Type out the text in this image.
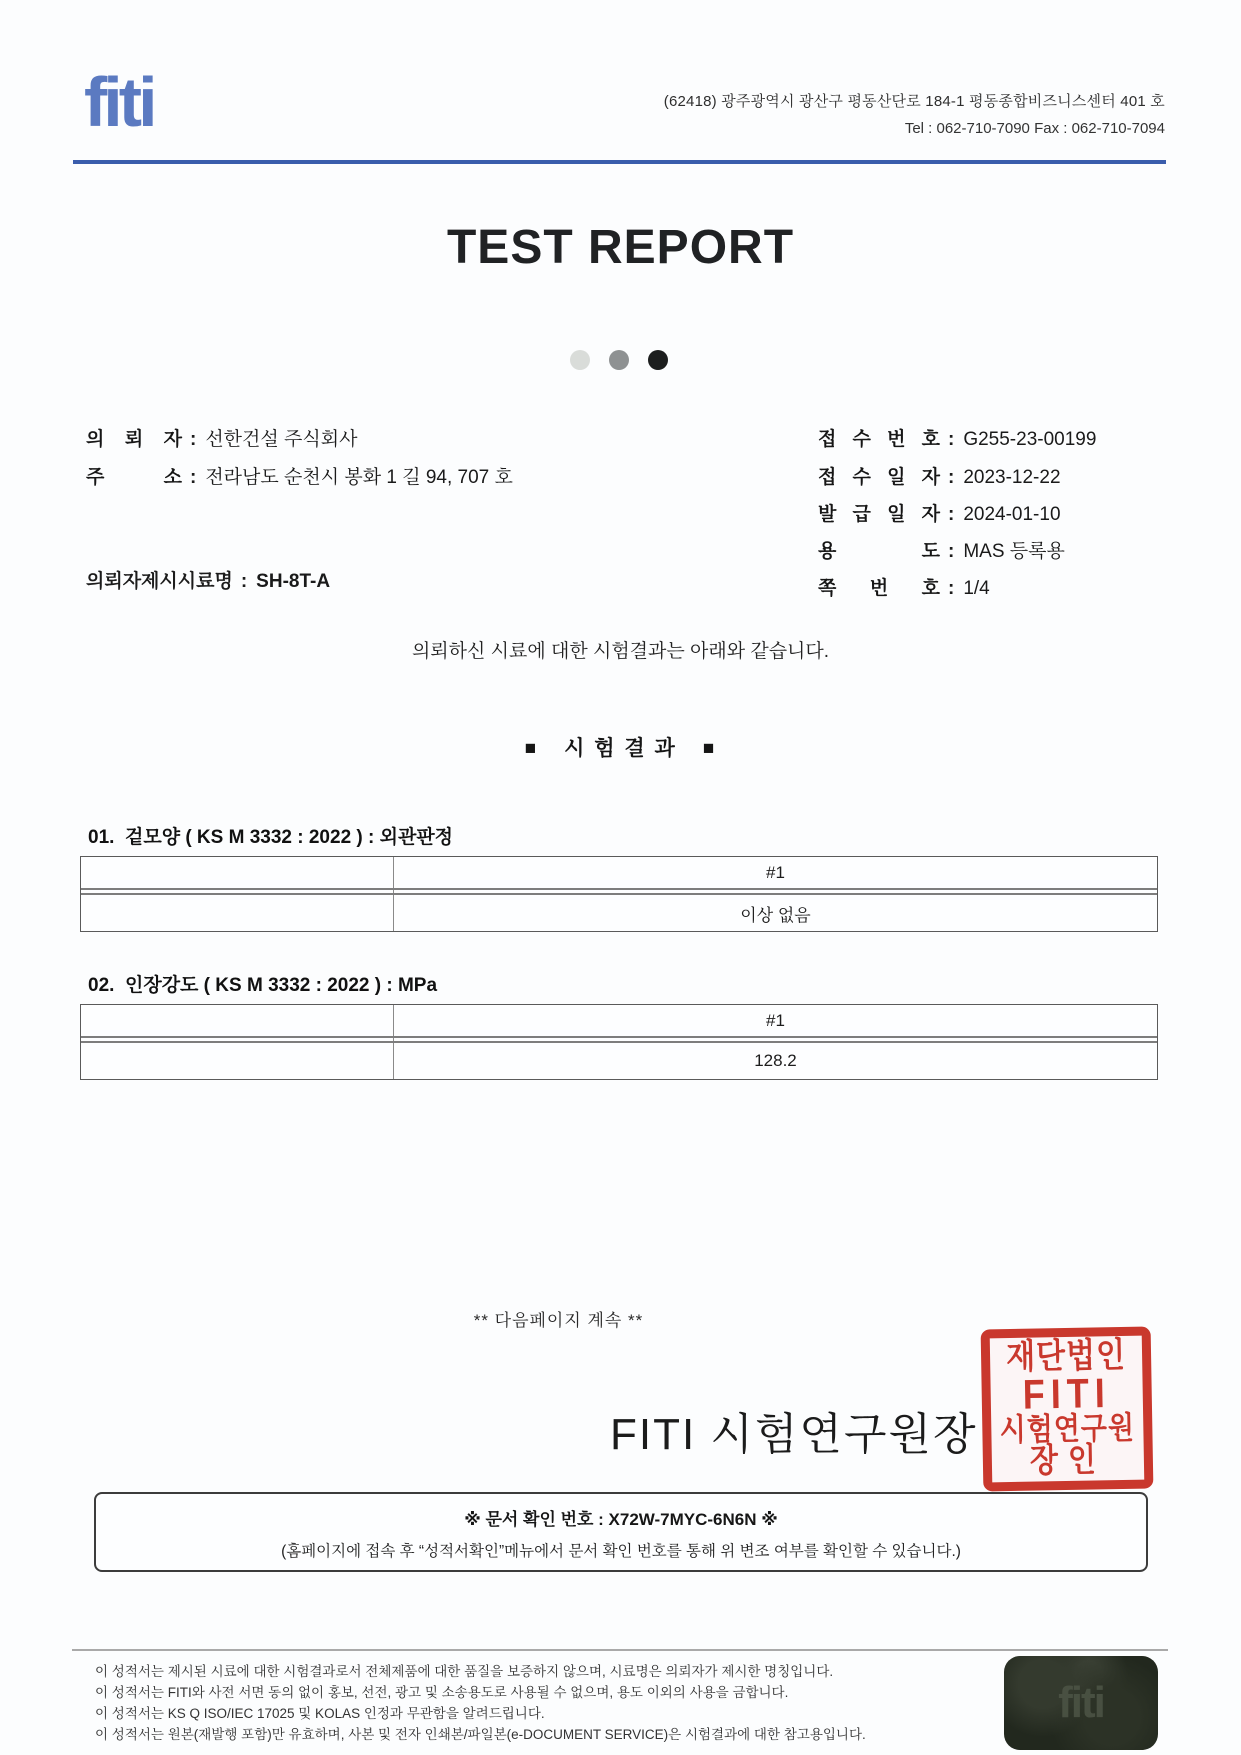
fiti	(62418) 광주광역시 광산구 평동산단로 184-1 평동종합비즈니스센터 401 호
Tel : 062-710-7090 Fax : 062-710-7094
TEST REPORT
의 뢰 자 : 선한건설 주식회사
주 소 : 전라남도 순천시 봉화 1 길 94, 707 호
의뢰자제시시료명 : SH-8T-A
접 수 번 호 : G255-23-00199
접 수 일 자 : 2023-12-22
발 급 일 자 : 2024-01-10
용 도 : MAS 등록용
쪽 번 호 : 1/4
의뢰하신 시료에 대한 시험결과는 아래와 같습니다.
■ 시 험 결 과 ■
01. 겉모양 ( KS M 3332 : 2022 ) : 외관판정
#1
이상 없음
02. 인장강도 ( KS M 3332 : 2022 ) : MPa
#1
128.2
** 다음페이지 계속 **
FITI 시험연구원장
재단법인
FITI
시험연구원
장인
※ 문서 확인 번호 : X72W-7MYC-6N6N ※
(홈페이지에 접속 후 “성적서확인”메뉴에서 문서 확인 번호를 통해 위 변조 여부를 확인할 수 있습니다.)
이 성적서는 제시된 시료에 대한 시험결과로서 전체제품에 대한 품질을 보증하지 않으며, 시료명은 의뢰자가 제시한 명칭입니다.
이 성적서는 FITI와 사전 서면 동의 없이 홍보, 선전, 광고 및 소송용도로 사용될 수 없으며, 용도 이외의 사용을 금합니다.
이 성적서는 KS Q ISO/IEC 17025 및 KOLAS 인정과 무관함을 알려드립니다.
이 성적서는 원본(재발행 포함)만 유효하며, 사본 및 전자 인쇄본/파일본(e-DOCUMENT SERVICE)은 시험결과에 대한 참고용입니다.
fiti
